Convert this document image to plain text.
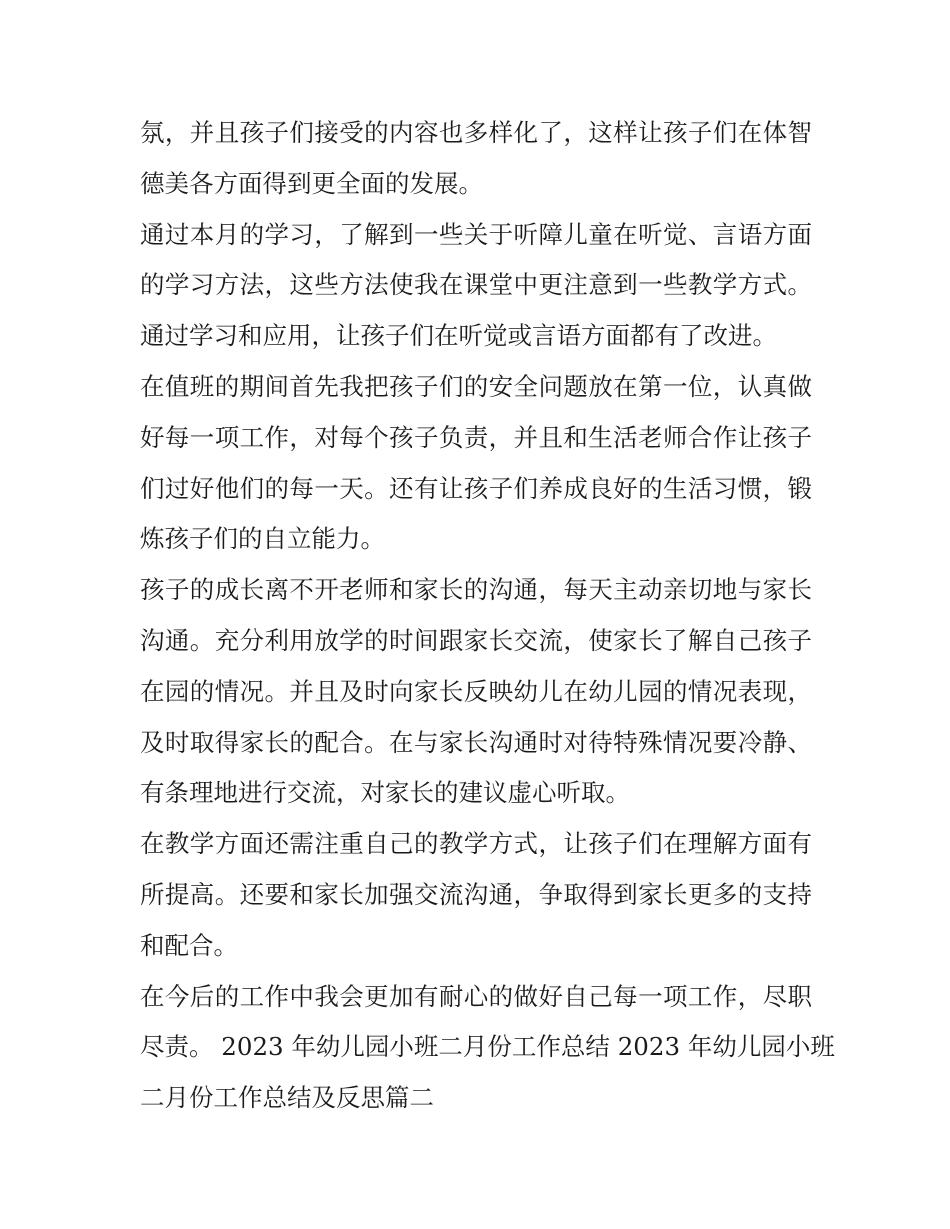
氛，并且孩子们接受的内容也多样化了，这样让孩子们在体智
德美各方面得到更全面的发展。
通过本月的学习，了解到一些关于听障儿童在听觉、言语方面
的学习方法，这些方法使我在课堂中更注意到一些教学方式。
通过学习和应用，让孩子们在听觉或言语方面都有了改进。
在值班的期间首先我把孩子们的安全问题放在第一位，认真做
好每一项工作，对每个孩子负责，并且和生活老师合作让孩子
们过好他们的每一天。还有让孩子们养成良好的生活习惯，锻
炼孩子们的自立能力。
孩子的成长离不开老师和家长的沟通，每天主动亲切地与家长
沟通。充分利用放学的时间跟家长交流，使家长了解自己孩子
在园的情况。并且及时向家长反映幼儿在幼儿园的情况表现，
及时取得家长的配合。在与家长沟通时对待特殊情况要冷静、
有条理地进行交流，对家长的建议虚心听取。
在教学方面还需注重自己的教学方式，让孩子们在理解方面有
所提高。还要和家长加强交流沟通，争取得到家长更多的支持
和配合。
在今后的工作中我会更加有耐心的做好自己每一项工作，尽职
尽责。 2023 年幼儿园小班二月份工作总结 2023 年幼儿园小班
二月份工作总结及反思篇二
